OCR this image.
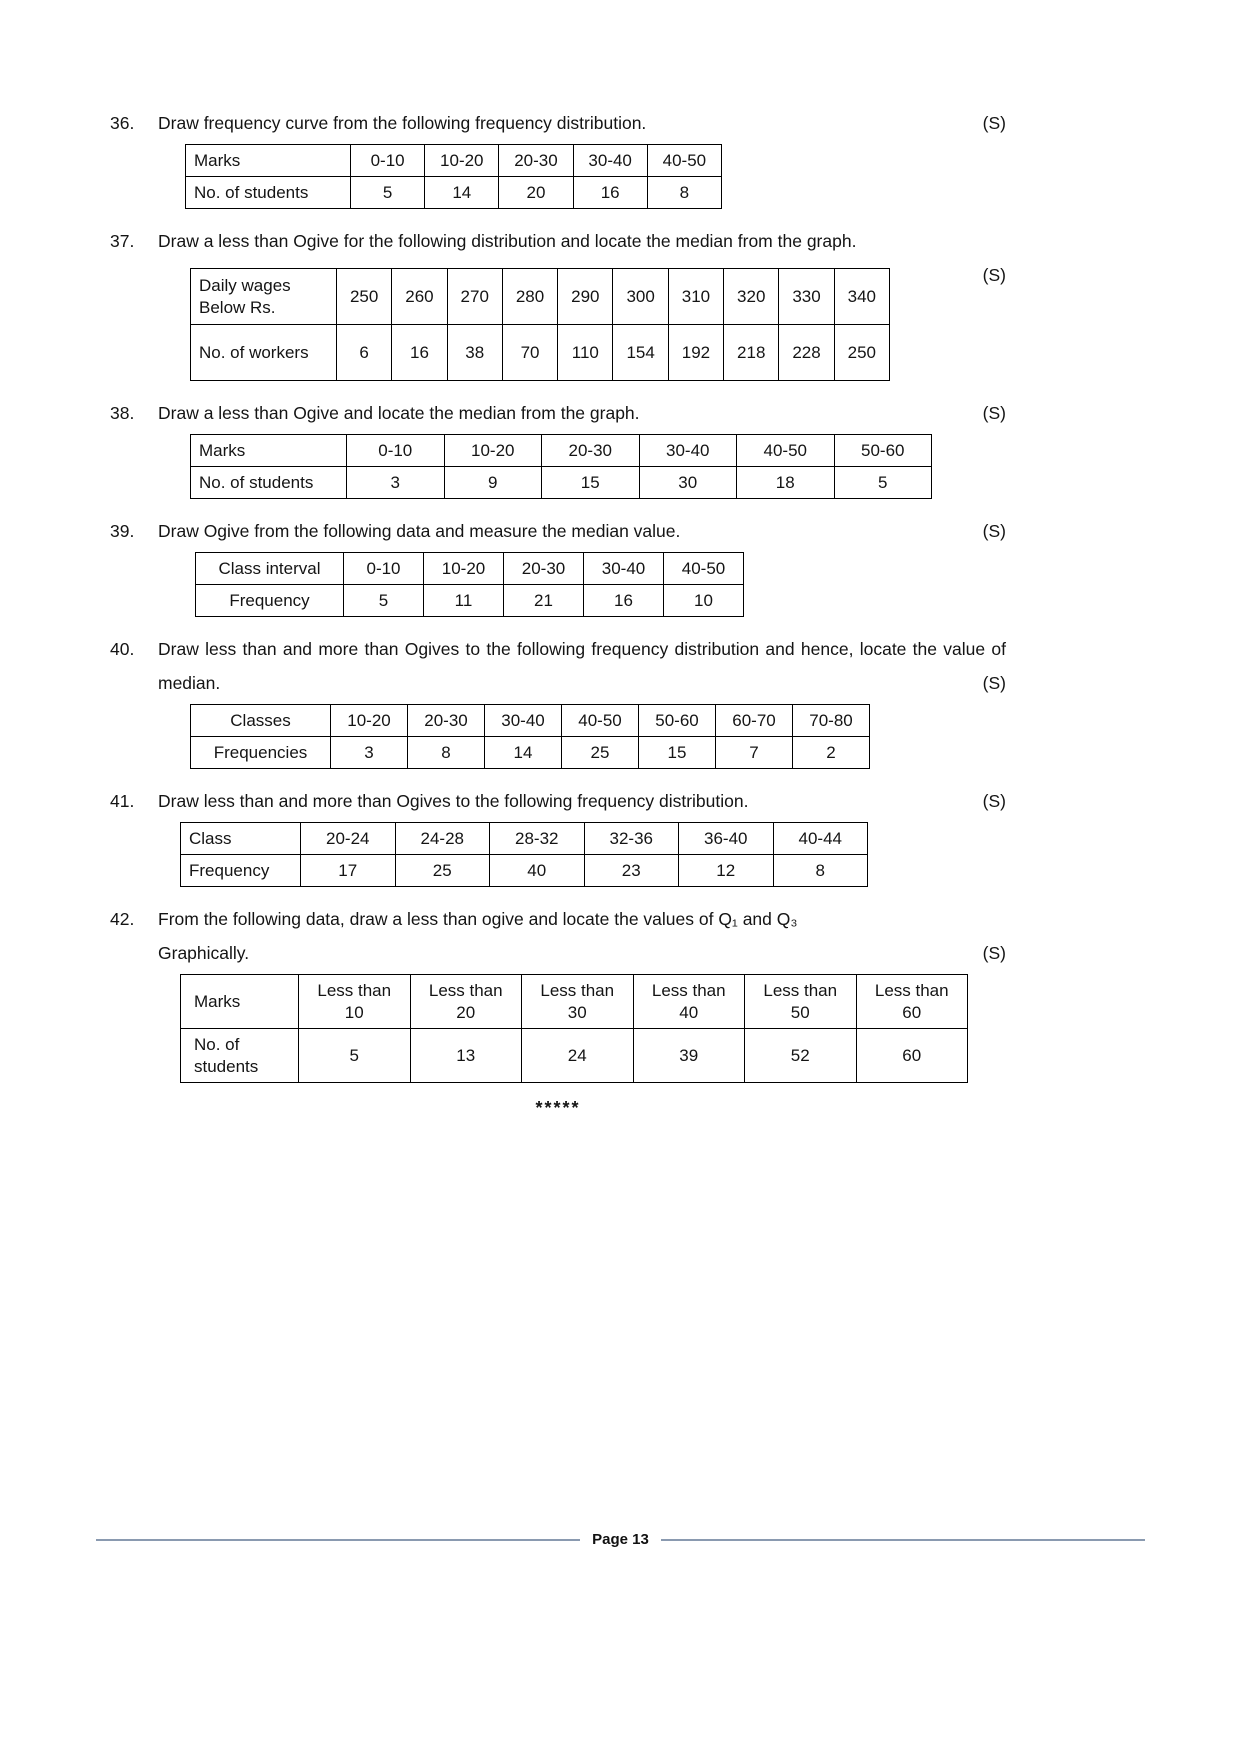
36.	Draw frequency curve from the following frequency distribution.
Marks	0-10	10-20	20-30	30-40	40-50
No. of students	5	14	20	16	8
(S)
37.	Draw a less than Ogive for the following distribution and locate the median from the graph.
Daily wages Below Rs.	250	260	270	280	290	300	310	320	330	340
No. of workers	6	16	38	70	110	154	192	218	228	250
(S)
38.	Draw a less than Ogive and locate the median from the graph.
Marks	0-10	10-20	20-30	30-40	40-50	50-60
No. of students	3	9	15	30	18	5
(S)
39.	Draw Ogive from the following data and measure the median value.
Class interval	0-10	10-20	20-30	30-40	40-50
Frequency	5	11	21	16	10
(S)
40.	Draw less than and more than Ogives to the following frequency distribution and hence, locate the value of median.
Classes	10-20	20-30	30-40	40-50	50-60	60-70	70-80
Frequencies	3	8	14	25	15	7	2
(S)
41.	Draw less than and more than Ogives to the following frequency distribution.
Class	20-24	24-28	28-32	32-36	36-40	40-44
Frequency	17	25	40	23	12	8
(S)
42.	From the following data, draw a less than ogive and locate the values of Q₁ and Q₃
Graphically.
Marks	Less than 10	Less than 20	Less than 30	Less than 40	Less than 50	Less than 60
No. of students	5	13	24	39	52	60
(S)
*****
Page 13
